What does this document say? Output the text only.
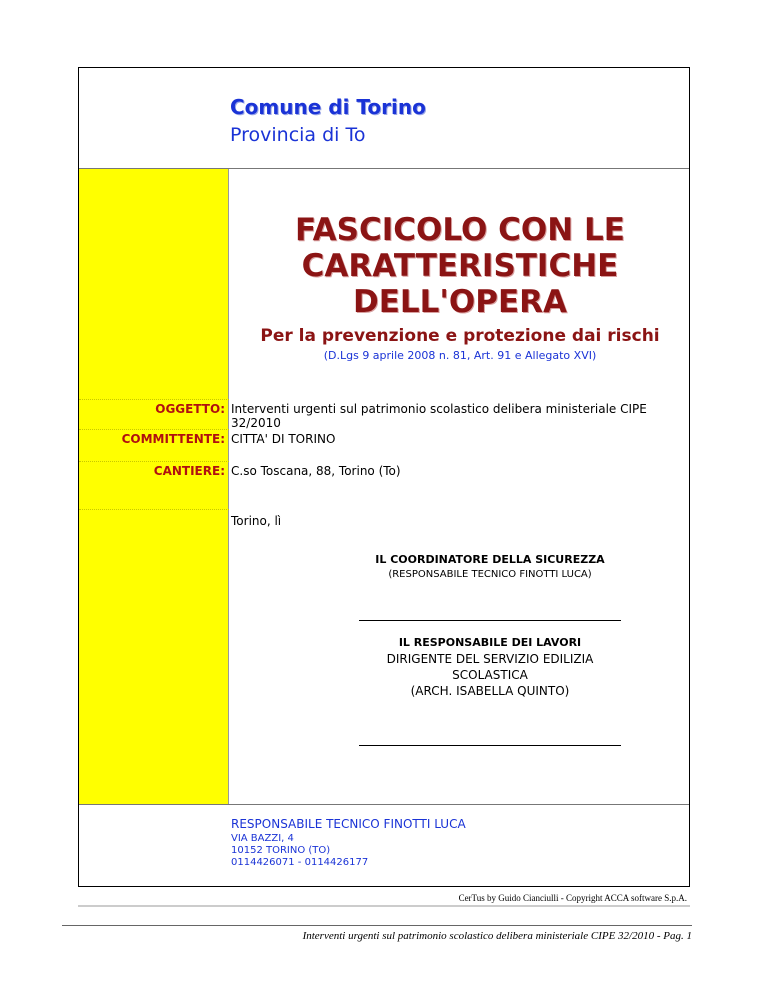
Comune di Torino
Provincia di To
FASCICOLO CON LE
CARATTERISTICHE
DELL'OPERA
Per la prevenzione e protezione dai rischi
(D.Lgs 9 aprile 2008 n. 81, Art. 91 e Allegato XVI)
OGGETTO: Interventi urgenti sul patrimonio scolastico delibera ministeriale CIPE 32/2010
COMMITTENTE: CITTA' DI TORINO
CANTIERE: C.so Toscana, 88, Torino (To)
Torino, lì
IL COORDINATORE DELLA SICUREZZA
(RESPONSABILE TECNICO FINOTTI LUCA)
IL RESPONSABILE DEI LAVORI
DIRIGENTE DEL SERVIZIO EDILIZIA SCOLASTICA
(ARCH. ISABELLA QUINTO)
RESPONSABILE TECNICO FINOTTI LUCA
VIA BAZZI, 4
10152 TORINO (TO)
0114426071 - 0114426177
CerTus by Guido Cianciulli - Copyright ACCA software S.p.A.
Interventi urgenti sul patrimonio scolastico delibera ministeriale CIPE 32/2010 - Pag. 1
